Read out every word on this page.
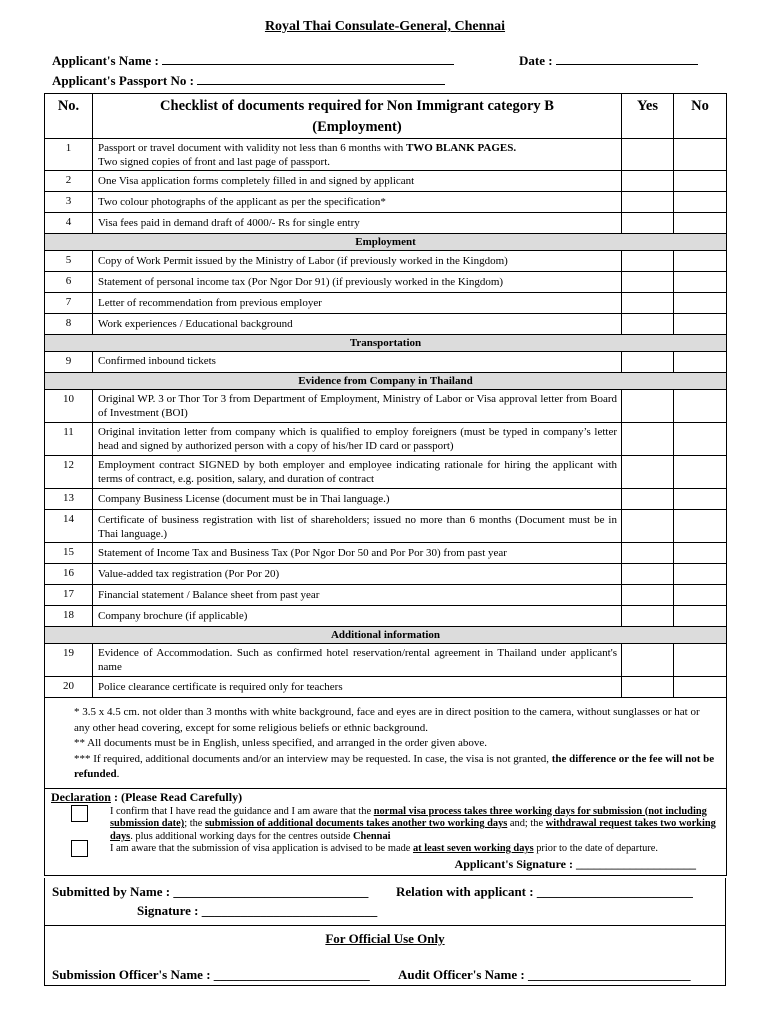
Royal Thai Consulate-General, Chennai
Applicant's Name :	Date :
Applicant's Passport No :
No.	Checklist of documents required for Non Immigrant category B
(Employment)	Yes	No
1	Passport or travel document with validity not less than 6 months with TWO BLANK PAGES.
Two signed copies of front and last page of passport.		
2	One Visa application forms completely filled in and signed by applicant		
3	Two colour photographs of the applicant as per the specification*		
4	Visa fees paid in demand draft of 4000/- Rs for single entry		
Employment			
5	Copy of Work Permit issued by the Ministry of Labor (if previously worked in the Kingdom)		
6	Statement of personal income tax (Por Ngor Dor 91) (if previously worked in the Kingdom)		
7	Letter of recommendation from previous employer		
8	Work experiences / Educational background		
Transportation			
9	Confirmed inbound tickets		
Evidence from Company in Thailand			
10	Original WP. 3 or Thor Tor 3 from Department of Employment, Ministry of Labor or Visa approval letter from Board of Investment (BOI)		
11	Original invitation letter from company which is qualified to employ foreigners (must be typed in company’s letter head and signed by authorized person with a copy of his/her ID card or passport)		
12	Employment contract SIGNED by both employer and employee indicating rationale for hiring the applicant with terms of contract, e.g. position, salary, and duration of contract		
13	Company Business License (document must be in Thai language.)		
14	Certificate of business registration with list of shareholders; issued no more than 6 months (Document must be in Thai language.)		
15	Statement of Income Tax and Business Tax (Por Ngor Dor 50 and Por Por 30) from past year		
16	Value-added tax registration (Por Por 20)		
17	Financial statement / Balance sheet from past year		
18	Company brochure (if applicable)		
Additional information			
19	Evidence of Accommodation. Such as confirmed hotel reservation/rental agreement in Thailand under applicant's name		
20	Police clearance certificate is required only for teachers		

* 3.5 x 4.5 cm. not older than 3 months with white background, face and eyes are in direct position to the camera, without sunglasses or hat or any other head covering, except for some religious beliefs or ethnic background.
** All documents must be in English, unless specified, and arranged in the order given above.
*** If required, additional documents and/or an interview may be requested. In case, the visa is not granted, the difference or the fee will not be refunded.			

Declaration : (Please Read Carefully)
I confirm that I have read the guidance and I am aware that the normal visa process takes three working days for submission (not including submission date); the submission of additional documents takes another two working days and; the withdrawal request takes two working days. plus additional working days for the centres outside Chennai
I am aware that the submission of visa application is advised to be made at least seven working days prior to the date of departure.
Applicant's Signature : ____________________			
Submitted by Name : ______________________________ Relation with applicant : ________________________
Signature : ___________________________
For Official Use Only
Submission Officer's Name : ________________________ Audit Officer's Name : _________________________
